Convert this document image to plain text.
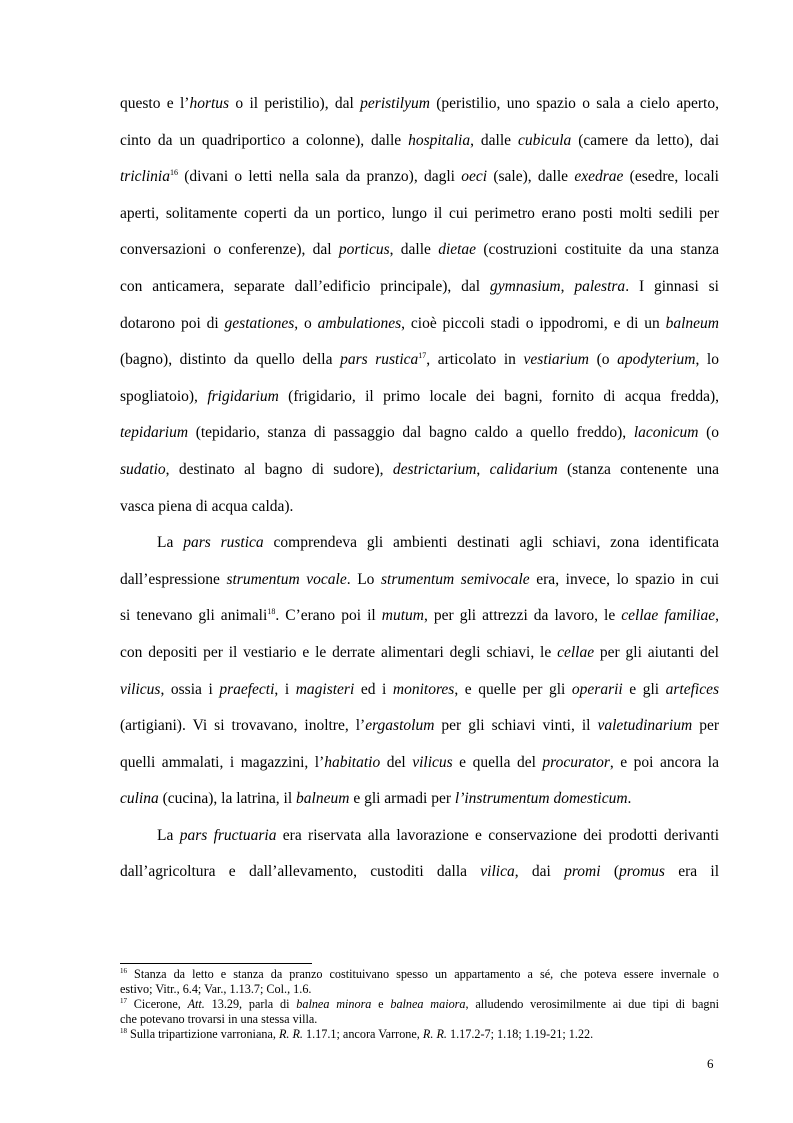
questo e l’hortus o il peristilio), dal peristilyum (peristilio, uno spazio o sala a cielo aperto,
cinto da un quadriportico a colonne), dalle hospitalia, dalle cubicula (camere da letto), dai
triclinia$^{16}$ (divani o letti nella sala da pranzo), dagli oeci (sale), dalle exedrae (esedre, locali
aperti, solitamente coperti da un portico, lungo il cui perimetro erano posti molti sedili per
conversazioni o conferenze), dal porticus, dalle dietae (costruzioni costituite da una stanza
con anticamera, separate dall’edificio principale), dal gymnasium, palestra. I ginnasi si
dotarono poi di gestationes, o ambulationes, cioè piccoli stadi o ippodromi, e di un balneum
(bagno), distinto da quello della pars rustica$^{17}$, articolato in vestiarium (o apodyterium, lo
spogliatoio), frigidarium (frigidario, il primo locale dei bagni, fornito di acqua fredda),
tepidarium (tepidario, stanza di passaggio dal bagno caldo a quello freddo), laconicum (o
sudatio, destinato al bagno di sudore), destrictarium, calidarium (stanza contenente una
vasca piena di acqua calda).
La pars rustica comprendeva gli ambienti destinati agli schiavi, zona identificata
dall’espressione strumentum vocale. Lo strumentum semivocale era, invece, lo spazio in cui
si tenevano gli animali$^{18}$. C’erano poi il mutum, per gli attrezzi da lavoro, le cellae familiae,
con depositi per il vestiario e le derrate alimentari degli schiavi, le cellae per gli aiutanti del
vilicus, ossia i praefecti, i magisteri ed i monitores, e quelle per gli operarii e gli artefices
(artigiani). Vi si trovavano, inoltre, l’ergastolum per gli schiavi vinti, il valetudinarium per
quelli ammalati, i magazzini, l’habitatio del vilicus e quella del procurator, e poi ancora la
culina (cucina), la latrina, il balneum e gli armadi per l’instrumentum domesticum.
La pars fructuaria era riservata alla lavorazione e conservazione dei prodotti derivanti
dall’agricoltura e dall’allevamento, custoditi dalla vilica, dai promi (promus era il
$^{16}$ Stanza da letto e stanza da pranzo costituivano spesso un appartamento a sé, che poteva essere invernale o
estivo; Vitr., 6.4; Var., 1.13.7; Col., 1.6.
$^{17}$ Cicerone, Att. 13.29, parla di balnea minora e balnea maiora, alludendo verosimilmente ai due tipi di bagni
che potevano trovarsi in una stessa villa.
$^{18}$ Sulla tripartizione varroniana, R. R. 1.17.1; ancora Varrone, R. R. 1.17.2-7; 1.18; 1.19-21; 1.22.
6
